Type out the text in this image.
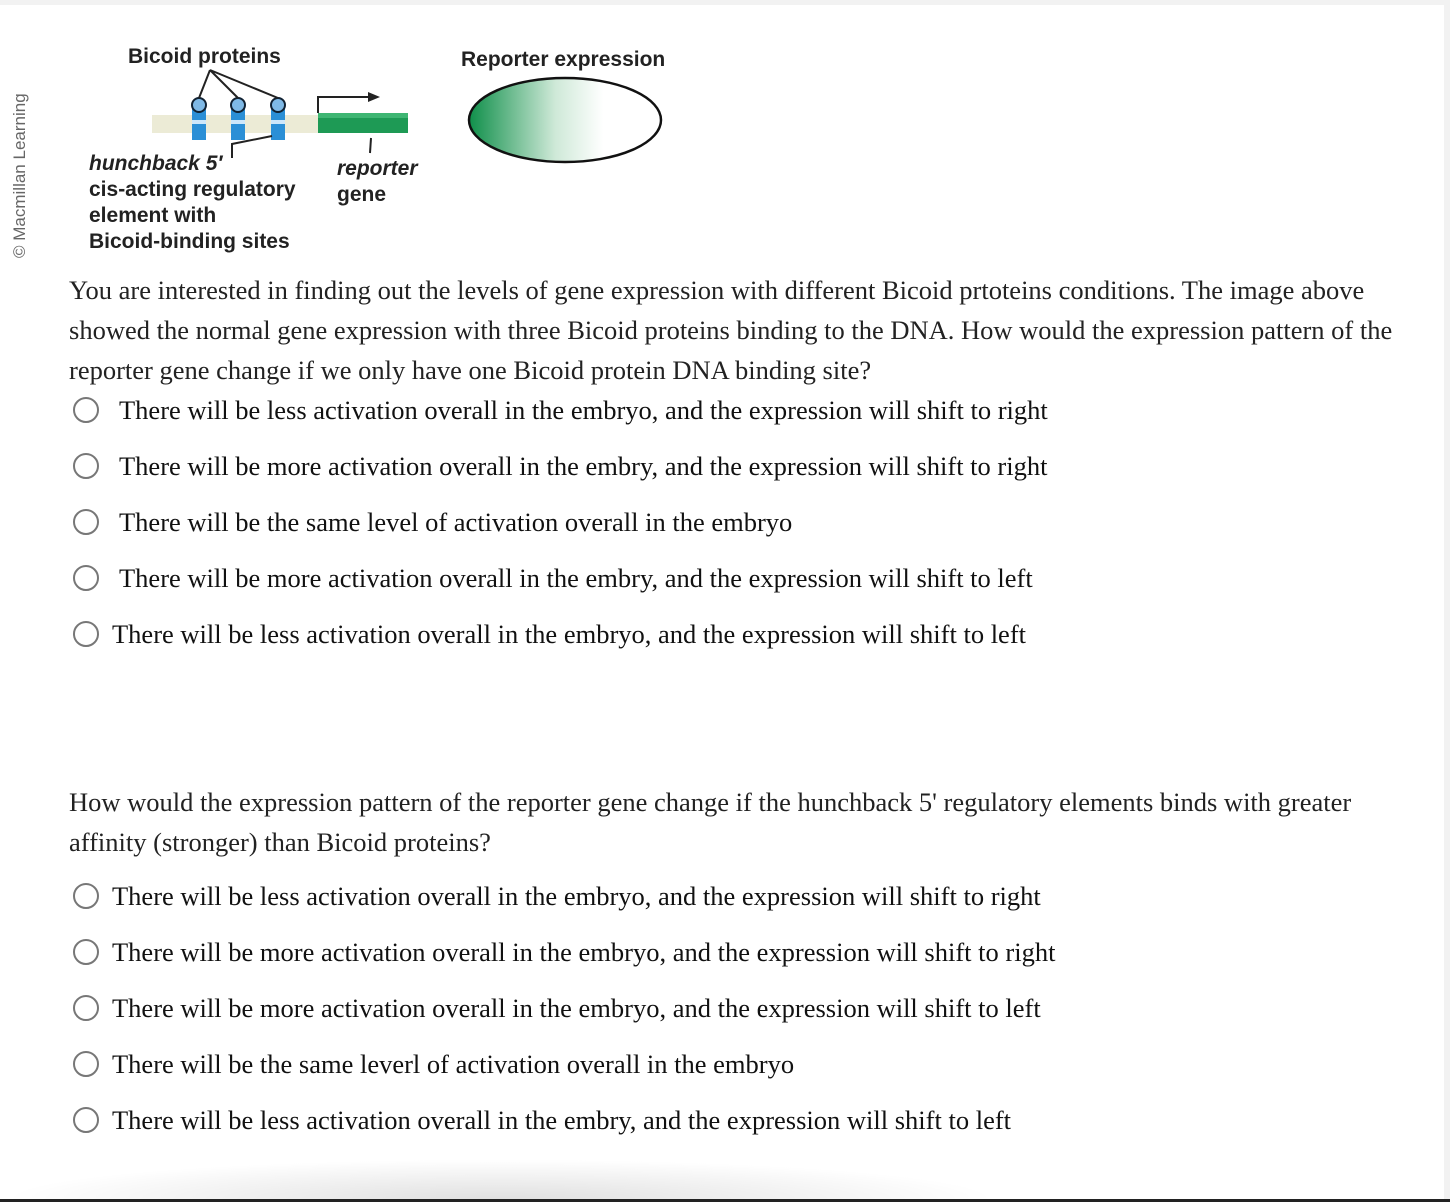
© Macmillan Learning
Bicoid proteins	Reporter expression
hunchback 5′
cis-acting regulatory
element with
Bicoid-binding sites
reporter
gene
You are interested in finding out the levels of gene expression with different Bicoid prtoteins conditions. The image above showed the normal gene expression with three Bicoid proteins binding to the DNA. How would the expression pattern of the reporter gene change if we only have one Bicoid protein DNA binding site?
There will be less activation overall in the embryo, and the expression will shift to right
There will be more activation overall in the embry, and the expression will shift to right
There will be the same level of activation overall in the embryo
There will be more activation overall in the embry, and the expression will shift to left
There will be less activation overall in the embryo, and the expression will shift to left
How would the expression pattern of the reporter gene change if the hunchback 5' regulatory elements binds with greater affinity (stronger) than Bicoid proteins?
There will be less activation overall in the embryo, and the expression will shift to right
There will be more activation overall in the embryo, and the expression will shift to right
There will be more activation overall in the embryo, and the expression will shift to left
There will be the same leverl of activation overall in the embryo
There will be less activation overall in the embry, and the expression will shift to left
